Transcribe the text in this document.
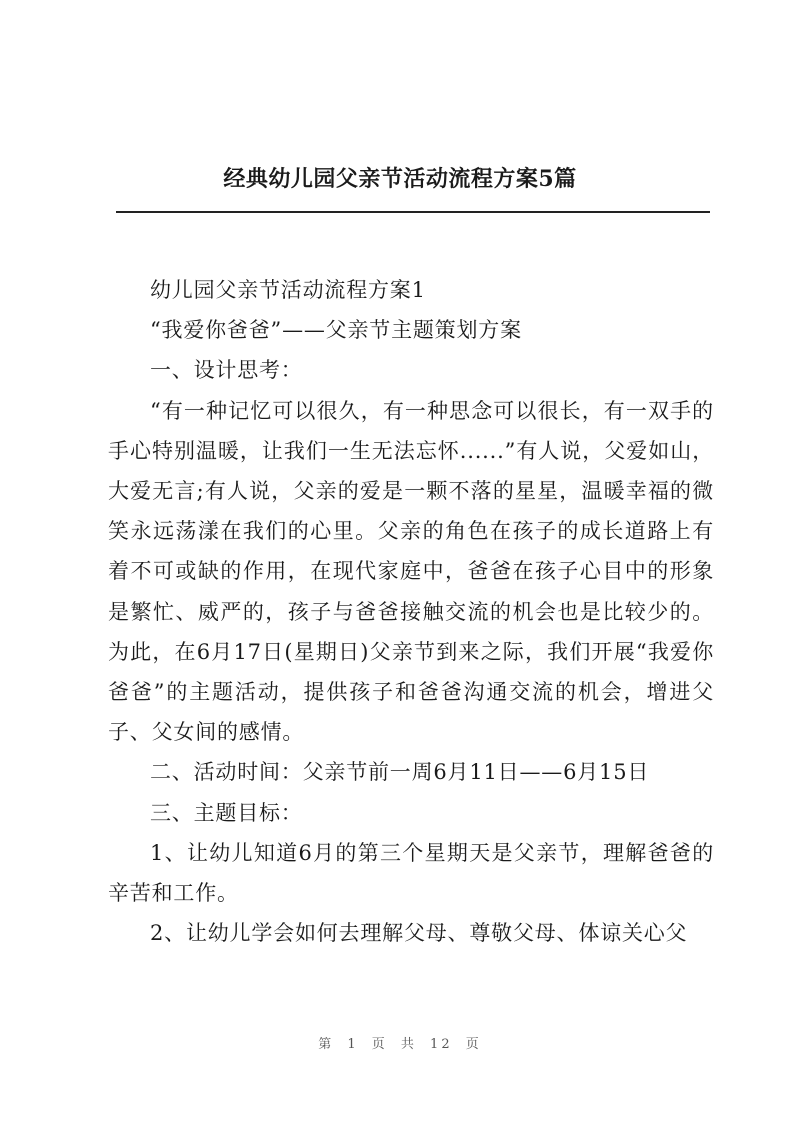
经典幼儿园父亲节活动流程方案5篇

幼儿园父亲节活动流程方案1

“我爱你爸爸”——父亲节主题策划方案

一、设计思考：

“有一种记忆可以很久，有一种思念可以很长，有一双手的手心特别温暖，让我们一生无法忘怀......”有人说，父爱如山，大爱无言;有人说，父亲的爱是一颗不落的星星，温暖幸福的微笑永远荡漾在我们的心里。父亲的角色在孩子的成长道路上有着不可或缺的作用，在现代家庭中，爸爸在孩子心目中的形象是繁忙、威严的，孩子与爸爸接触交流的机会也是比较少的。为此，在6月17日(星期日)父亲节到来之际，我们开展“我爱你爸爸”的主题活动，提供孩子和爸爸沟通交流的机会，增进父子、父女间的感情。

二、活动时间：父亲节前一周6月11日——6月15日

三、主题目标：

1、让幼儿知道6月的第三个星期天是父亲节，理解爸爸的辛苦和工作。

2、让幼儿学会如何去理解父母、尊敬父母、体谅关心父

第 1 页 共 12 页
